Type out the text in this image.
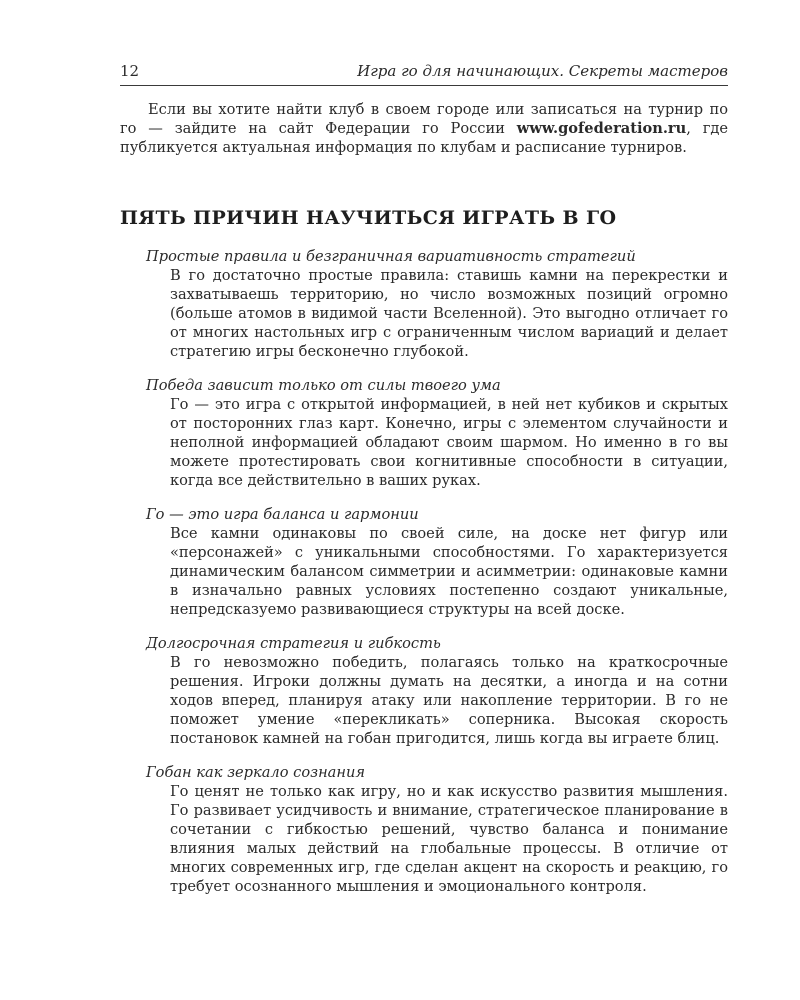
12	Игра го для начинающих. Секреты мастеров

Если вы хотите найти клуб в своем городе или записаться на турнир по го — зайдите на сайт Федерации го России www.gofederation.ru, где публикуется актуальная информация по клубам и расписание турниров.

ПЯТЬ ПРИЧИН НАУЧИТЬСЯ ИГРАТЬ В ГО
Простые правила и безграничная вариативность стратегий
В го достаточно простые правила: ставишь камни на перекрестки и захватываешь территорию, но число возможных позиций огромно (больше атомов в видимой части Вселенной). Это выгодно отличает го от многих настольных игр с ограниченным числом вариаций и делает стратегию игры бесконечно глубокой.
Победа зависит только от силы твоего ума
Го — это игра с открытой информацией, в ней нет кубиков и скрытых от посторонних глаз карт. Конечно, игры с элементом случайности и неполной информацией обладают своим шармом. Но именно в го вы можете протестировать свои когнитивные способности в ситуации, когда все действительно в ваших руках.
Го — это игра баланса и гармонии
Все камни одинаковы по своей силе, на доске нет фигур или «персонажей» с уникальными способностями. Го характеризуется динамическим балансом симметрии и асимметрии: одинаковые камни в изначально равных условиях постепенно создают уникальные, непредсказуемо развивающиеся структуры на всей доске.
Долгосрочная стратегия и гибкость
В го невозможно победить, полагаясь только на краткосрочные решения. Игроки должны думать на десятки, а иногда и на сотни ходов вперед, планируя атаку или накопление территории. В го не поможет умение «перекликать» соперника. Высокая скорость постановок камней на гобан пригодится, лишь когда вы играете блиц.
Гобан как зеркало сознания
Го ценят не только как игру, но и как искусство развития мышления. Го развивает усидчивость и внимание, стратегическое планирование в сочетании с гибкостью решений, чувство баланса и понимание влияния малых действий на глобальные процессы. В отличие от многих современных игр, где сделан акцент на скорость и реакцию, го требует осознанного мышления и эмоционального контроля.
